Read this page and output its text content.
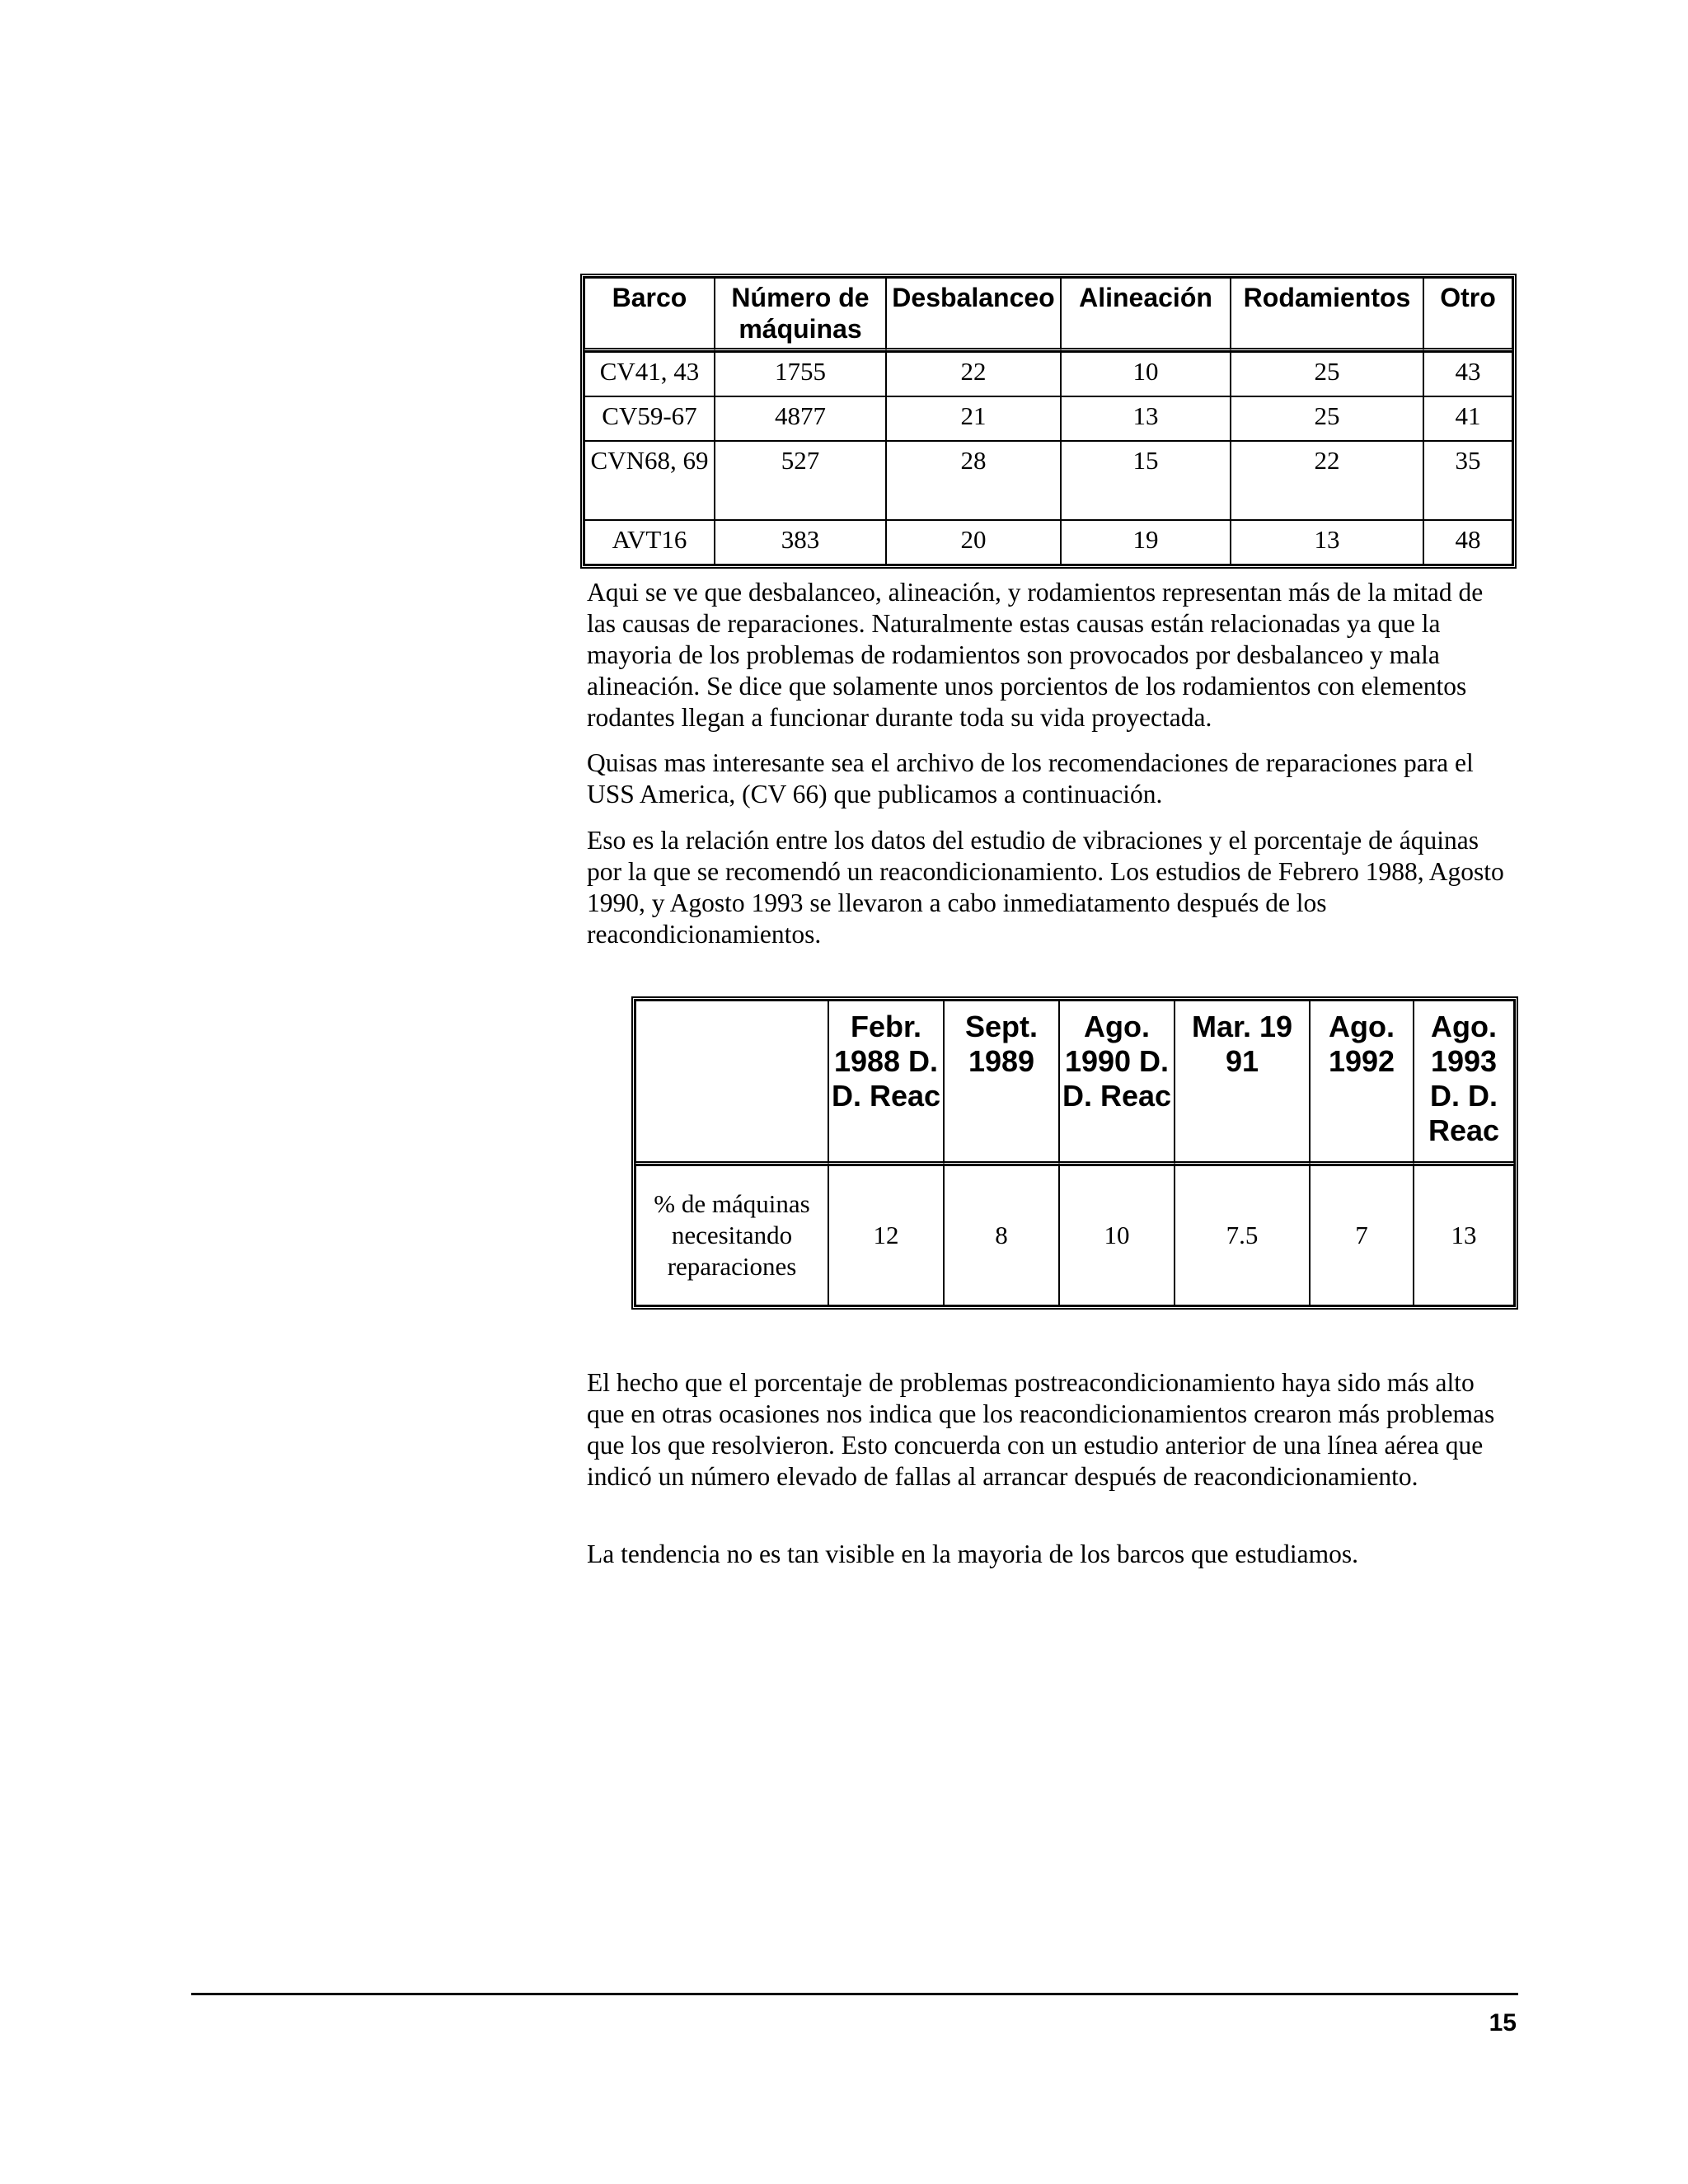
Barco	Número de máquinas	Desbalanceo	Alineación	Rodamientos	Otro
CV41, 43	1755	22	10	25	43
CV59-67	4877	21	13	25	41
CVN68, 69	527	28	15	22	35
AVT16	383	20	19	13	48

Aqui se ve que desbalanceo, alineación, y rodamientos representan más de la mitad de las causas de reparaciones. Naturalmente estas causas están relacionadas ya que la mayoria de los problemas de rodamientos son provocados por desbalanceo y mala alineación. Se dice que solamente unos porcientos de los rodamientos con elementos rodantes llegan a funcionar durante toda su vida proyectada.

Quisas mas interesante sea el archivo de los recomendaciones de reparaciones para el USS America, (CV 66) que publicamos a continuación.

Eso es la relación entre los datos del estudio de vibraciones y el porcentaje de áquinas por la que se recomendó un reacondicionamiento. Los estudios de Febrero 1988, Agosto 1990, y Agosto 1993 se llevaron a cabo inmediatamento después de los reacondicionamientos.

	Febr. 1988 D. D. Reac	Sept. 1989	Ago. 1990 D. D. Reac	Mar. 19 91	Ago. 1992	Ago. 1993 D. D. Reac
% de máquinas necesitando reparaciones	12	8	10	7.5	7	13

El hecho que el porcentaje de problemas postreacondicionamiento haya sido más alto que en otras ocasiones nos indica que los reacondicionamientos crearon más problemas que los que resolvieron. Esto concuerda con un estudio anterior de una línea aérea que indicó un número elevado de fallas al arrancar después de reacondicionamiento.

La tendencia no es tan visible en la mayoria de los barcos que estudiamos.

15
